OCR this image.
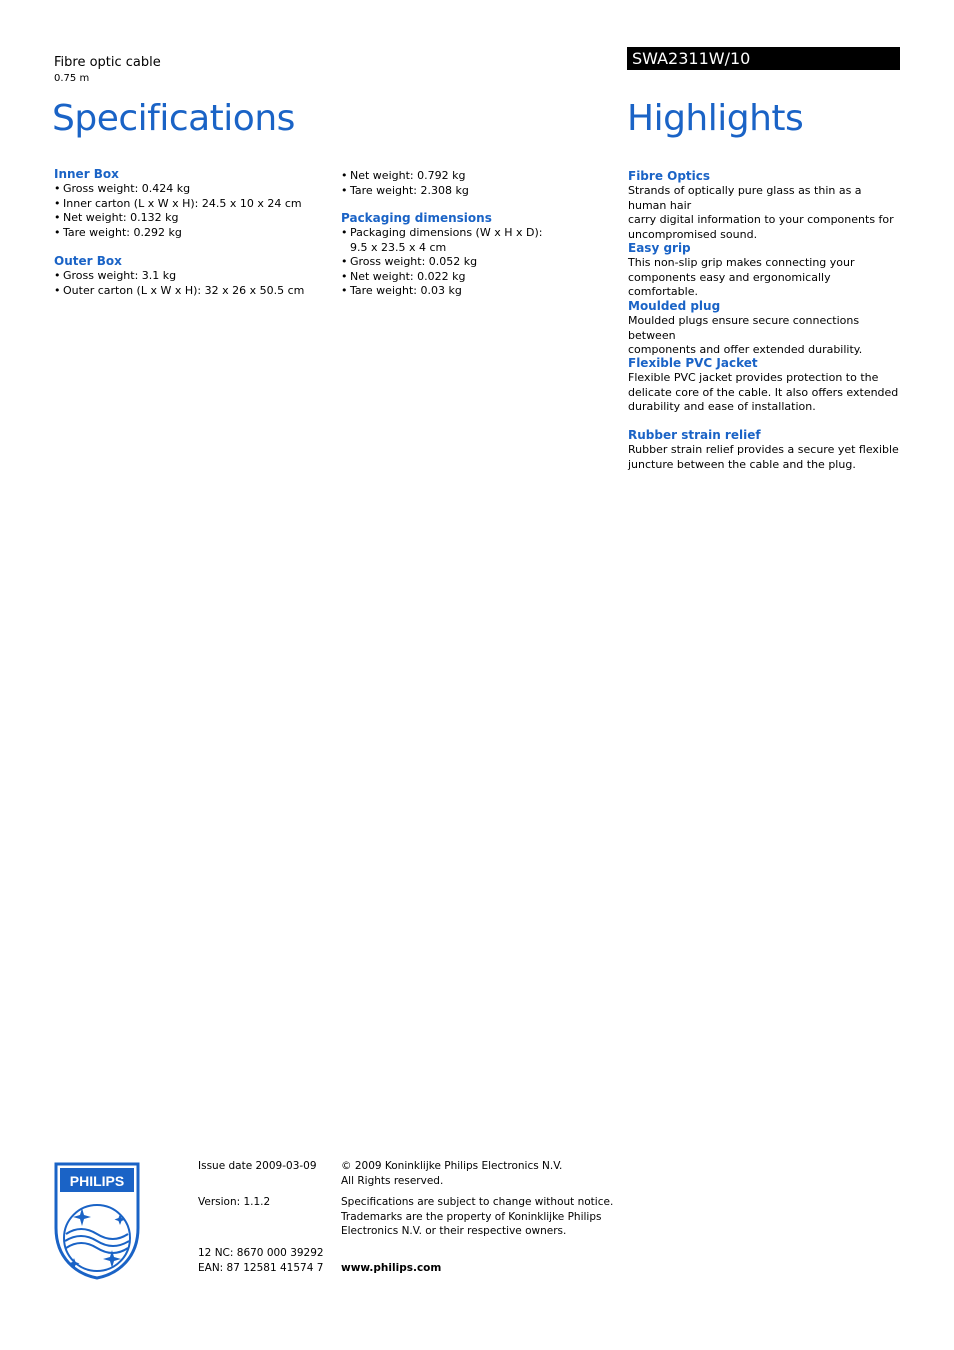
Fibre optic cable
0.75 m
Specifications
SWA2311W/10
Highlights
Inner Box
• Gross weight: 0.424 kg
• Inner carton (L x W x H): 24.5 x 10 x 24 cm
• Net weight: 0.132 kg
• Tare weight: 0.292 kg
Outer Box
• Gross weight: 3.1 kg
• Outer carton (L x W x H): 32 x 26 x 50.5 cm
• Net weight: 0.792 kg
• Tare weight: 2.308 kg
Packaging dimensions
• Packaging dimensions (W x H x D):
9.5 x 23.5 x 4 cm
• Gross weight: 0.052 kg
• Net weight: 0.022 kg
• Tare weight: 0.03 kg
Fibre Optics
Strands of optically pure glass as thin as a human hair
carry digital information to your components for
uncompromised sound.
Easy grip
This non-slip grip makes connecting your
components easy and ergonomically comfortable.
Moulded plug
Moulded plugs ensure secure connections between
components and offer extended durability.
Flexible PVC Jacket
Flexible PVC jacket provides protection to the
delicate core of the cable. It also offers extended
durability and ease of installation.
Rubber strain relief
Rubber strain relief provides a secure yet flexible
juncture between the cable and the plug.
PHILIPS
Issue date 2009-03-09
Version: 1.1.2
12 NC: 8670 000 39292
EAN: 87 12581 41574 7
© 2009 Koninklijke Philips Electronics N.V.
All Rights reserved.
Specifications are subject to change without notice.
Trademarks are the property of Koninklijke Philips
Electronics N.V. or their respective owners.
www.philips.com
